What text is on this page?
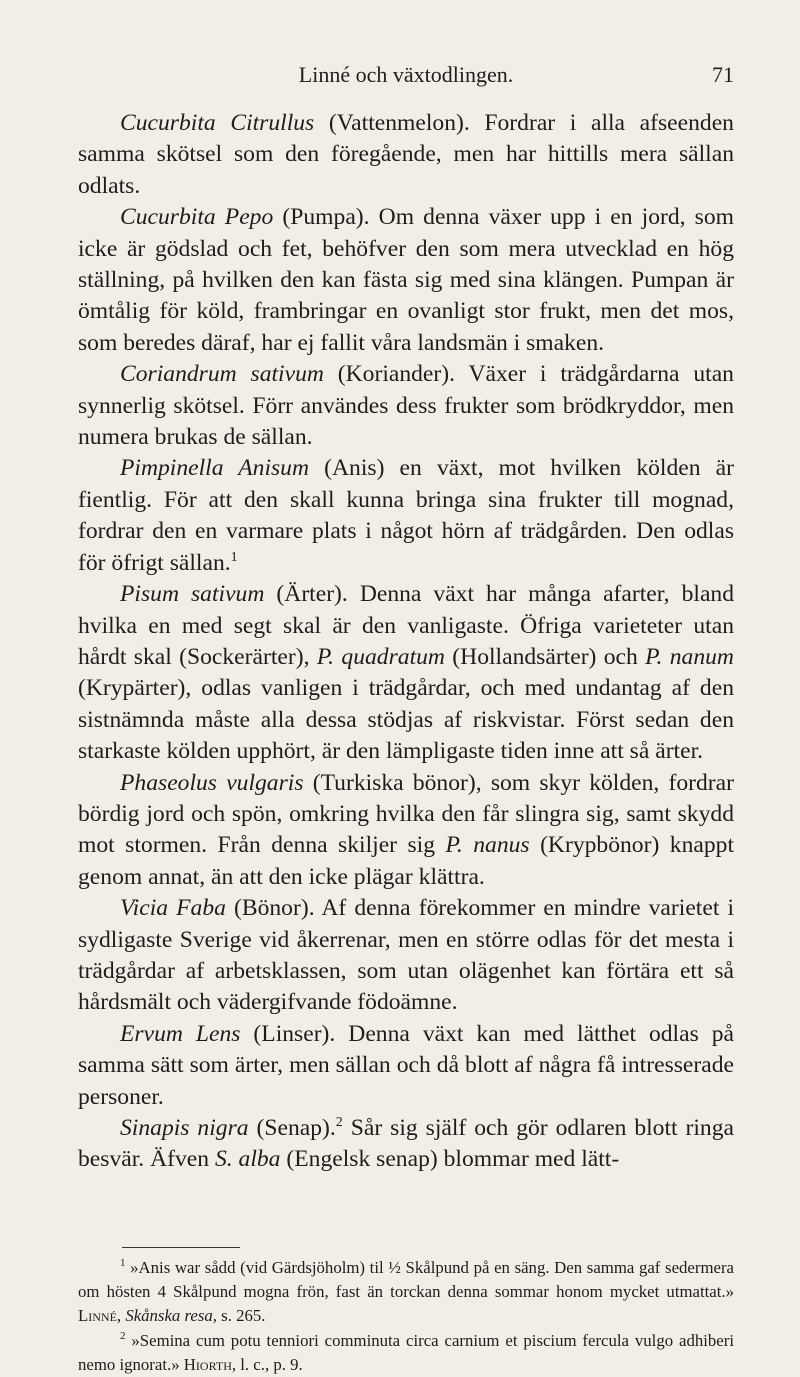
Linné och växtodlingen.	71

Cucurbita Citrullus (Vattenmelon). Fordrar i alla afseenden samma skötsel som den föregående, men har hittills mera sällan odlats.

Cucurbita Pepo (Pumpa). Om denna växer upp i en jord, som icke är gödslad och fet, behöfver den som mera utvecklad en hög ställning, på hvilken den kan fästa sig med sina klängen. Pumpan är ömtålig för köld, frambringar en ovanligt stor frukt, men det mos, som beredes däraf, har ej fallit våra landsmän i smaken.

Coriandrum sativum (Koriander). Växer i trädgårdarna utan synnerlig skötsel. Förr användes dess frukter som brödkryddor, men numera brukas de sällan.

Pimpinella Anisum (Anis) en växt, mot hvilken kölden är fientlig. För att den skall kunna bringa sina frukter till mognad, fordrar den en varmare plats i något hörn af trädgården. Den odlas för öfrigt sällan.$^1$

Pisum sativum (Ärter). Denna växt har många afarter, bland hvilka en med segt skal är den vanligaste. Öfriga varieteter utan hårdt skal (Sockerärter), P. quadratum (Hollandsärter) och P. nanum (Krypärter), odlas vanligen i trädgårdar, och med undantag af den sistnämnda måste alla dessa stödjas af riskvistar. Först sedan den starkaste kölden upphört, är den lämpligaste tiden inne att så ärter.

Phaseolus vulgaris (Turkiska bönor), som skyr kölden, fordrar bördig jord och spön, omkring hvilka den får slingra sig, samt skydd mot stormen. Från denna skiljer sig P. nanus (Krypbönor) knappt genom annat, än att den icke plägar klättra.

Vicia Faba (Bönor). Af denna förekommer en mindre varietet i sydligaste Sverige vid åkerrenar, men en större odlas för det mesta i trädgårdar af arbetsklassen, som utan olägenhet kan förtära ett så hårdsmält och vädergifvande födoämne.

Ervum Lens (Linser). Denna växt kan med lätthet odlas på samma sätt som ärter, men sällan och då blott af några få intresserade personer.

Sinapis nigra (Senap).$^2$ Sår sig själf och gör odlaren blott ringa besvär. Äfven S. alba (Engelsk senap) blommar med lätt-

$^1$ »Anis war sådd (vid Gärdsjöholm) til ½ Skålpund på en säng. Den samma gaf sedermera om hösten 4 Skålpund mogna frön, fast än torckan denna sommar honom mycket utmattat.» Linné, Skånska resa, s. 265.

$^2$ »Semina cum potu tenniori comminuta circa carnium et piscium fercula vulgo adhiberi nemo ignorat.» Hiorth, l. c., p. 9.
